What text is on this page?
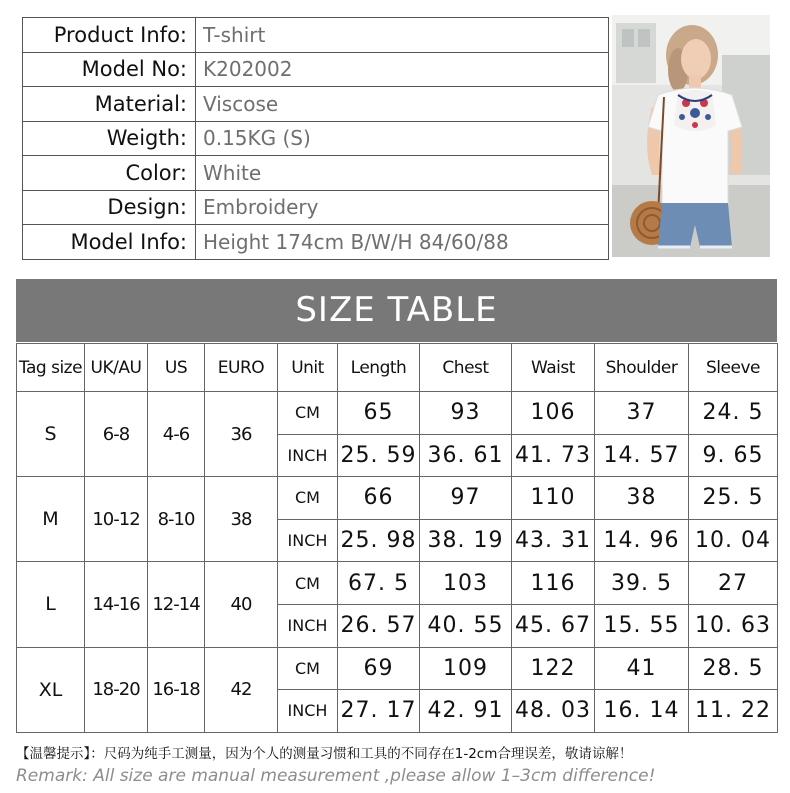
Product Info:	T-shirt
Model No:	K202002
Material:	Viscose
Weigth:	0.15KG (S)
Color:	White
Design:	Embroidery
Model Info:	Height 174cm B/W/H 84/60/88
SIZE TABLE
Tag size	UK/AU	US	EURO	Unit	Length	Chest	Waist	Shoulder	Sleeve
S	6-8	4-6	36	CM	65	93	106	37	24. 5
				INCH	25. 59	36. 61	41. 73	14. 57	9. 65
M	10-12	8-10	38	CM	66	97	110	38	25. 5
				INCH	25. 98	38. 19	43. 31	14. 96	10. 04
L	14-16	12-14	40	CM	67. 5	103	116	39. 5	27
				INCH	26. 57	40. 55	45. 67	15. 55	10. 63
XL	18-20	16-18	42	CM	69	109	122	41	28. 5
				INCH	27. 17	42. 91	48. 03	16. 14	11. 22
【温馨提示】：尺码为纯手工测量，因为个人的测量习惯和工具的不同存在1-2cm合理误差，敬请谅解！
Remark: All size are manual measurement ,please allow 1–3cm difference!
